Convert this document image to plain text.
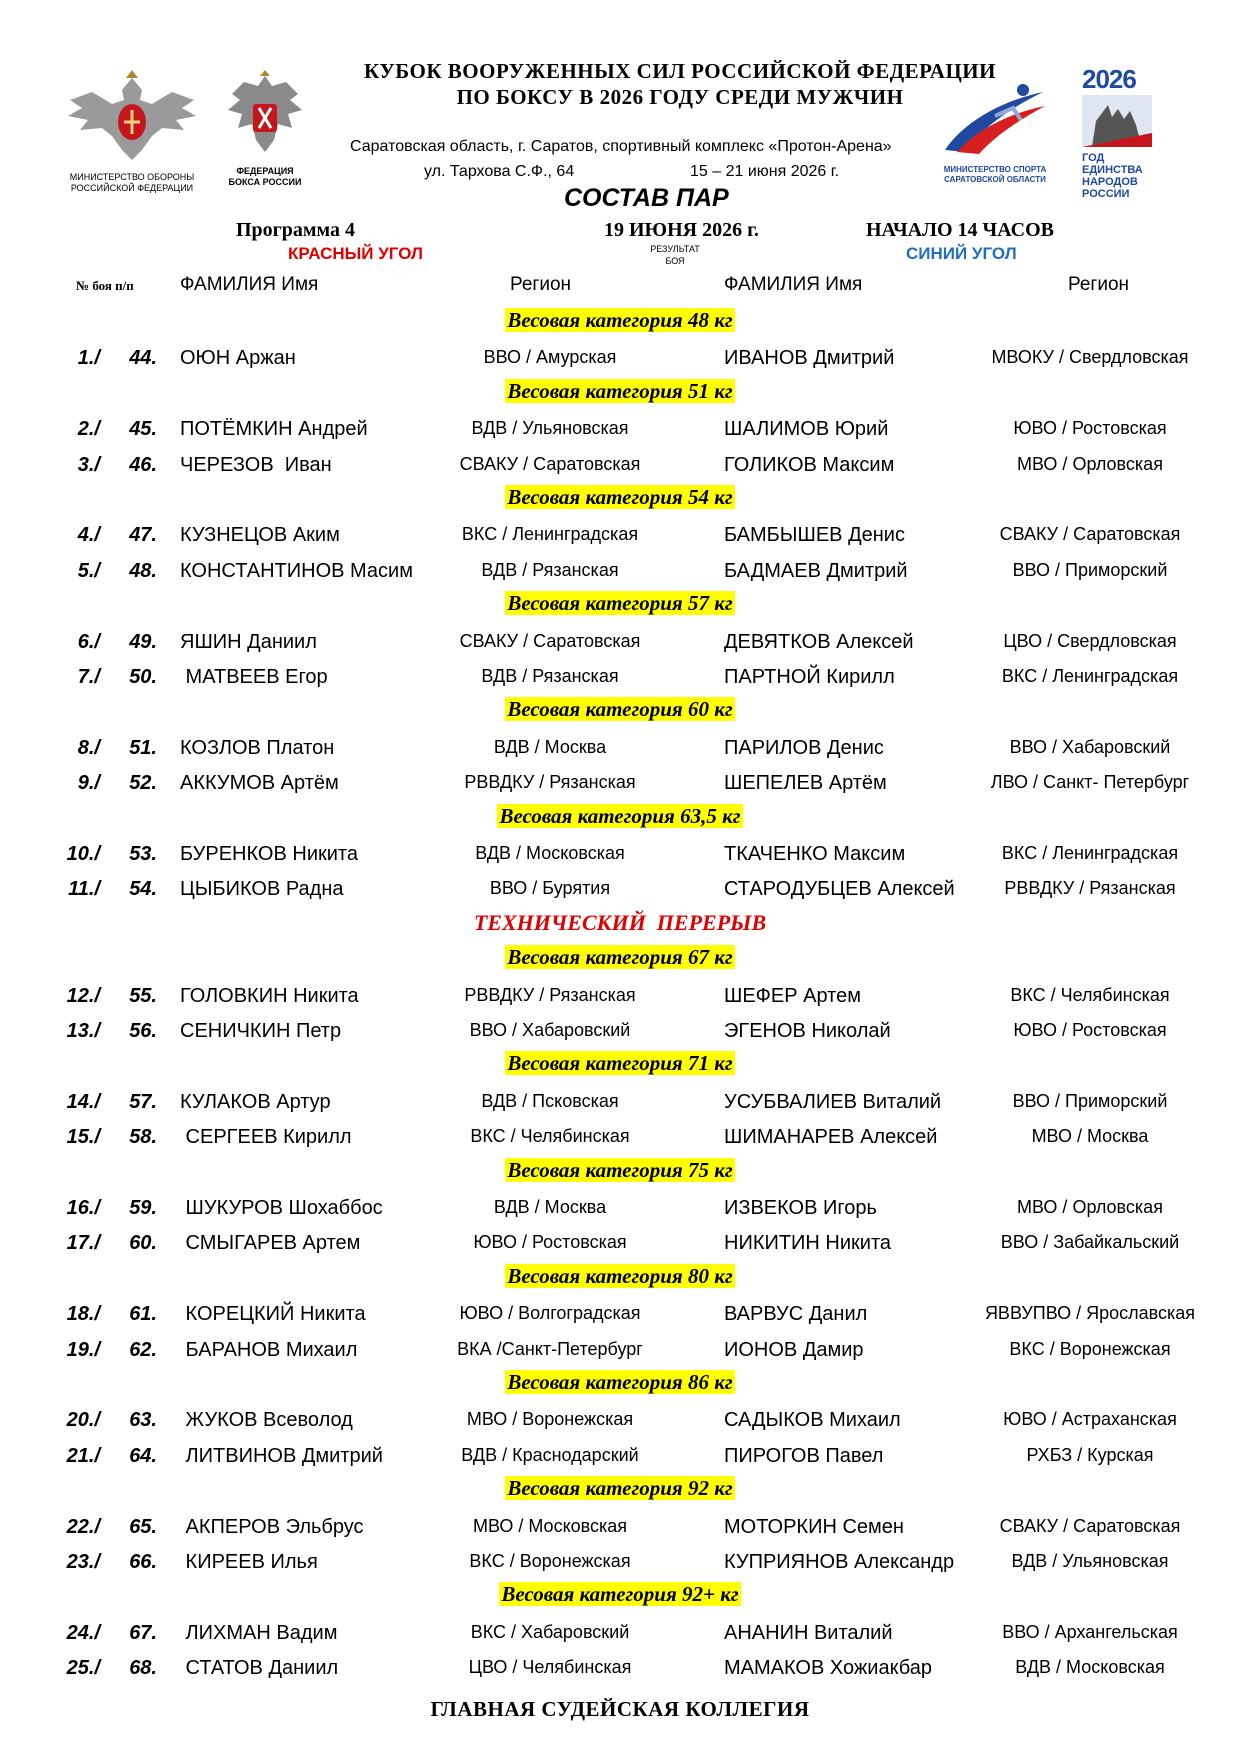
МИНИСТЕРСТВО ОБОРОНЫ РОССИЙСКОЙ ФЕДЕРАЦИИ
ФЕДЕРАЦИЯ БОКСА РОССИИ
МИНИСТЕРСТВО СПОРТА САРАТОВСКОЙ ОБЛАСТИ
2026
ГОД ЕДИНСТВА НАРОДОВ РОССИИ
КУБОК ВООРУЖЕННЫХ СИЛ РОССИЙСКОЙ ФЕДЕРАЦИИ
ПО БОКСУ В 2026 ГОДУ СРЕДИ МУЖЧИН
Саратовская область, г. Саратов, спортивный комплекс «Протон-Арена»
ул. Тархова С.Ф., 64	15 – 21 июня 2026 г.
СОСТАВ ПАР
Программа 4	19 ИЮНЯ 2026 г.	НАЧАЛО 14 ЧАСОВ
КРАСНЫЙ УГОЛ	РЕЗУЛЬТАТ
БОЯ	СИНИЙ УГОЛ
№ боя п/п ФАМИЛИЯ Имя	Регион	ФАМИЛИЯ Имя	Регион
Весовая категория 48 кг
1./	44. ОЮН Аржан	ВВО / Амурская	ИВАНОВ Дмитрий	МВОКУ / Свердловская
Весовая категория 51 кг
2./	45. ПОТЁМКИН Андрей	ВДВ / Ульяновская	ШАЛИМОВ Юрий	ЮВО / Ростовская
3./	46. ЧЕРЕЗОВ  Иван	СВАКУ / Саратовская	ГОЛИКОВ Максим	МВО / Орловская
Весовая категория 54 кг
4./	47. КУЗНЕЦОВ Аким	ВКС / Ленинградская	БАМБЫШЕВ Денис	СВАКУ / Саратовская
5./	48. КОНСТАНТИНОВ Масим	ВДВ / Рязанская	БАДМАЕВ Дмитрий	ВВО / Приморский
Весовая категория 57 кг
6./	49. ЯШИН Даниил	СВАКУ / Саратовская	ДЕВЯТКОВ Алексей	ЦВО / Свердловская
7./	50. МАТВЕЕВ Егор	ВДВ / Рязанская	ПАРТНОЙ Кирилл	ВКС / Ленинградская
Весовая категория 60 кг
8./	51. КОЗЛОВ Платон	ВДВ / Москва	ПАРИЛОВ Денис	ВВО / Хабаровский
9./	52. АККУМОВ Артём	РВВДКУ / Рязанская	ШЕПЕЛЕВ Артём	ЛВО / Санкт- Петербург
Весовая категория 63,5 кг
10./	53. БУРЕНКОВ Никита	ВДВ / Московская	ТКАЧЕНКО Максим	ВКС / Ленинградская
11./	54. ЦЫБИКОВ Радна	ВВО / Бурятия	СТАРОДУБЦЕВ Алексей	РВВДКУ / Рязанская
ТЕХНИЧЕСКИЙ  ПЕРЕРЫВ
Весовая категория 67 кг
12./	55. ГОЛОВКИН Никита	РВВДКУ / Рязанская	ШЕФЕР Артем	ВКС / Челябинская
13./	56. СЕНИЧКИН Петр	ВВО / Хабаровский	ЭГЕНОВ Николай	ЮВО / Ростовская
Весовая категория 71 кг
14./	57. КУЛАКОВ Артур	ВДВ / Псковская	УСУБВАЛИЕВ Виталий	ВВО / Приморский
15./	58. СЕРГЕЕВ Кирилл	ВКС / Челябинская	ШИМАНАРЕВ Алексей	МВО / Москва
Весовая категория 75 кг
16./	59. ШУКУРОВ Шохаббос	ВДВ / Москва	ИЗВЕКОВ Игорь	МВО / Орловская
17./	60. СМЫГАРЕВ Артем	ЮВО / Ростовская	НИКИТИН Никита	ВВО / Забайкальский
Весовая категория 80 кг
18./	61. КОРЕЦКИЙ Никита	ЮВО / Волгоградская	ВАРВУС Данил	ЯВВУПВО / Ярославская
19./	62. БАРАНОВ Михаил	ВКА /Санкт-Петербург	ИОНОВ Дамир	ВКС / Воронежская
Весовая категория 86 кг
20./	63. ЖУКОВ Всеволод	МВО / Воронежская	САДЫКОВ Михаил	ЮВО / Астраханская
21./	64. ЛИТВИНОВ Дмитрий	ВДВ / Краснодарский	ПИРОГОВ Павел	РХБЗ / Курская
Весовая категория 92 кг
22./	65. АКПЕРОВ Эльбрус	МВО / Московская	МОТОРКИН Семен	СВАКУ / Саратовская
23./	66. КИРЕЕВ Илья	ВКС / Воронежская	КУПРИЯНОВ Александр	ВДВ / Ульяновская
Весовая категория 92+ кг
24./	67. ЛИХМАН Вадим	ВКС / Хабаровский	АНАНИН Виталий	ВВО / Архангельская
25./	68. СТАТОВ Даниил	ЦВО / Челябинская	МАМАКОВ Хожиакбар	ВДВ / Московская
ГЛАВНАЯ СУДЕЙСКАЯ КОЛЛЕГИЯ
